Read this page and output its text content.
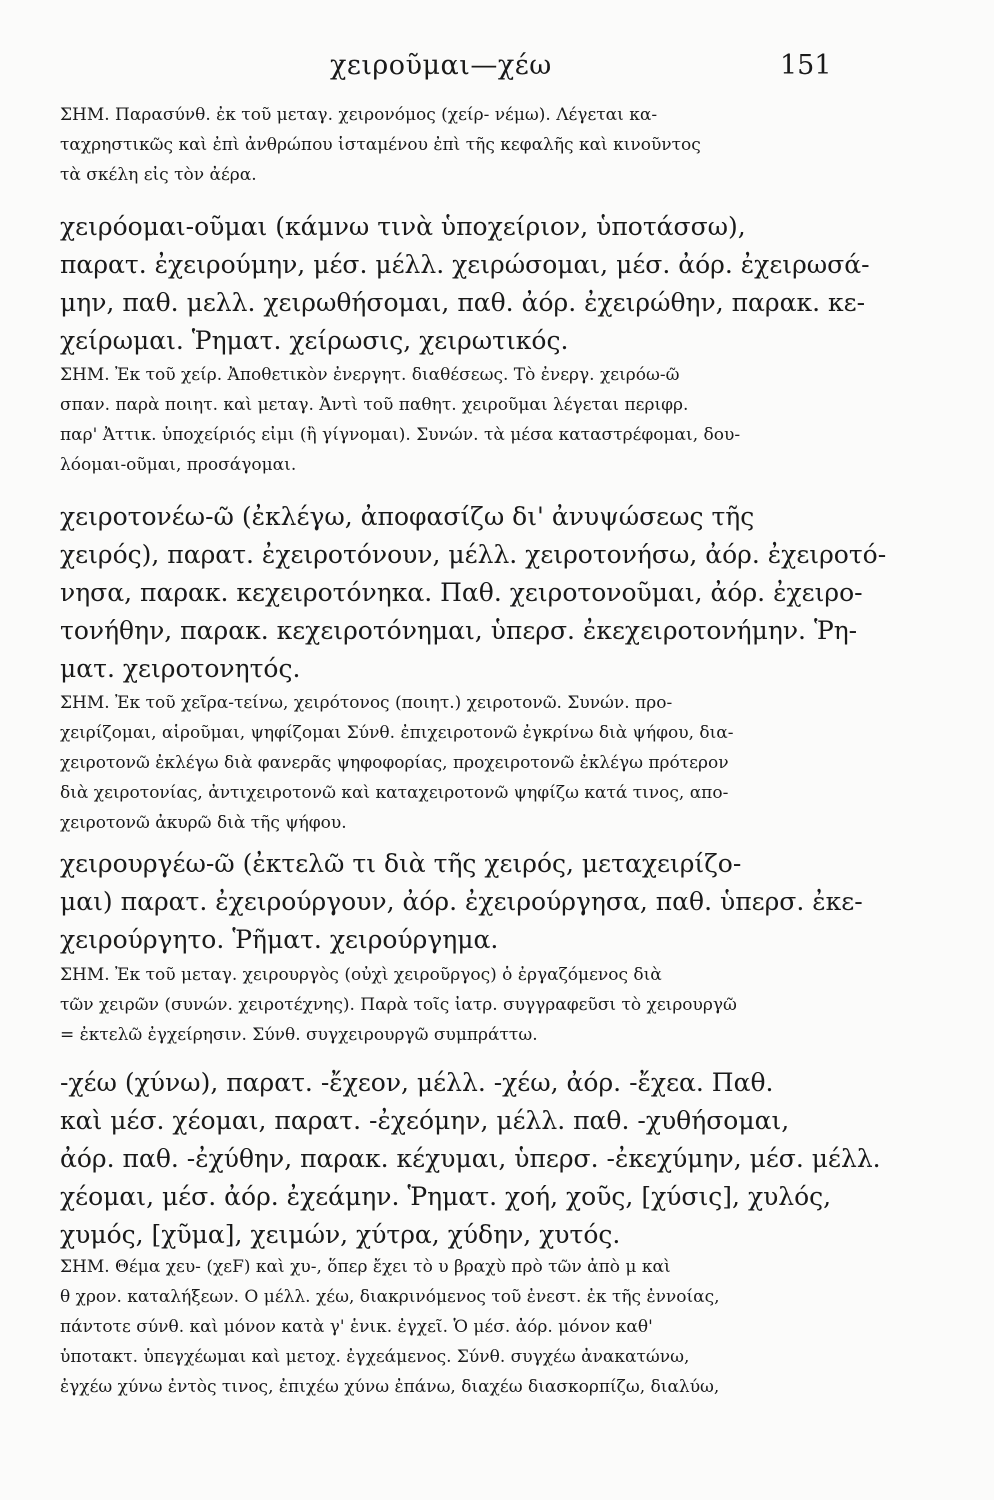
χειροῦμαι—χέω	151
ΣΗΜ. Παρασύνθ. ἐκ τοῦ μεταγ. χειρονόμος (χείρ- νέμω). Λέγεται κα-
ταχρηστικῶς καὶ ἐπὶ ἀνθρώπου ἱσταμένου ἐπὶ τῆς κεφαλῆς καὶ κινοῦντος
τὰ σκέλη εἰς τὸν ἀέρα.
χειρόομαι-οῦμαι (κάμνω τινὰ ὑποχείριον, ὑποτάσσω),
παρατ. ἐχειρούμην, μέσ. μέλλ. χειρώσομαι, μέσ. ἀόρ. ἐχειρωσά-
μην, παθ. μελλ. χειρωθήσομαι, παθ. ἀόρ. ἐχειρώθην, παρακ. κε-
χείρωμαι. Ῥηματ. χείρωσις, χειρωτικός.
ΣΗΜ. Ἐκ τοῦ χείρ. Ἀποθετικὸν ἐνεργητ. διαθέσεως. Τὸ ἐνεργ. χειρόω-ῶ
σπαν. παρὰ ποιητ. καὶ μεταγ. Ἀντὶ τοῦ παθητ. χειροῦμαι λέγεται περιφρ.
παρ' Ἀττικ. ὑποχείριός εἰμι (ἢ γίγνομαι). Συνών. τὰ μέσα καταστρέφομαι, δου-
λόομαι-οῦμαι, προσάγομαι.
χειροτονέω-ῶ (ἐκλέγω, ἀποφασίζω δι' ἀνυψώσεως τῆς
χειρός), παρατ. ἐχειροτόνουν, μέλλ. χειροτονήσω, ἀόρ. ἐχειροτό-
νησα, παρακ. κεχειροτόνηκα. Παθ. χειροτονοῦμαι, ἀόρ. ἐχειρο-
τονήθην, παρακ. κεχειροτόνημαι, ὑπερσ. ἐκεχειροτονήμην. Ῥη-
ματ. χειροτονητός.
ΣΗΜ. Ἐκ τοῦ χεῖρα-τείνω, χειρότονος (ποιητ.) χειροτονῶ. Συνών. προ-
χειρίζομαι, αἱροῦμαι, ψηφίζομαι Σύνθ. ἐπιχειροτονῶ ἐγκρίνω διὰ ψήφου, δια-
χειροτονῶ ἐκλέγω διὰ φανερᾶς ψηφοφορίας, προχειροτονῶ ἐκλέγω πρότερον
διὰ χειροτονίας, ἀντιχειροτονῶ καὶ καταχειροτονῶ ψηφίζω κατά τινος, απο-
χειροτονῶ ἀκυρῶ διὰ τῆς ψήφου.
χειρουργέω-ῶ (ἐκτελῶ τι διὰ τῆς χειρός, μεταχειρίζο-
μαι) παρατ. ἐχειρούργουν, ἀόρ. ἐχειρούργησα, παθ. ὑπερσ. ἐκε-
χειρούργητο. Ῥῆματ. χειρούργημα.
ΣΗΜ. Ἐκ τοῦ μεταγ. χειρουργὸς (οὐχὶ χειροῦργος) ὁ ἐργαζόμενος διὰ
τῶν χειρῶν (συνών. χειροτέχνης). Παρὰ τοῖς ἰατρ. συγγραφεῦσι τὸ χειρουργῶ
= ἐκτελῶ ἐγχείρησιν. Σύνθ. συγχειρουργῶ συμπράττω.
-χέω (χύνω), παρατ. -ἔχεον, μέλλ. -χέω, ἀόρ. -ἔχεα. Παθ.
καὶ μέσ. χέομαι, παρατ. -ἐχεόμην, μέλλ. παθ. -χυθήσομαι,
ἀόρ. παθ. -ἐχύθην, παρακ. κέχυμαι, ὑπερσ. -ἐκεχύμην, μέσ. μέλλ.
χέομαι, μέσ. ἀόρ. ἐχεάμην. Ῥηματ. χοή, χοῦς, [χύσις], χυλός,
χυμός, [χῦμα], χειμών, χύτρα, χύδην, χυτός.
ΣΗΜ. Θέμα χευ- (χεF) καὶ χυ-, ὅπερ ἔχει τὸ υ βραχὺ πρὸ τῶν ἀπὸ μ καὶ
θ χρον. καταλήξεων. Ο μέλλ. χέω, διακρινόμενος τοῦ ἐνεστ. ἐκ τῆς ἐννοίας,
πάντοτε σύνθ. καὶ μόνον κατὰ γ' ἑνικ. ἐγχεῖ. Ὁ μέσ. ἀόρ. μόνον καθ'
ὑποτακτ. ὑπεγχέωμαι καὶ μετοχ. ἐγχεάμενος. Σύνθ. συγχέω ἀνακατώνω,
ἐγχέω χύνω ἐντὸς τινος, ἐπιχέω χύνω ἐπάνω, διαχέω διασκορπίζω, διαλύω,
